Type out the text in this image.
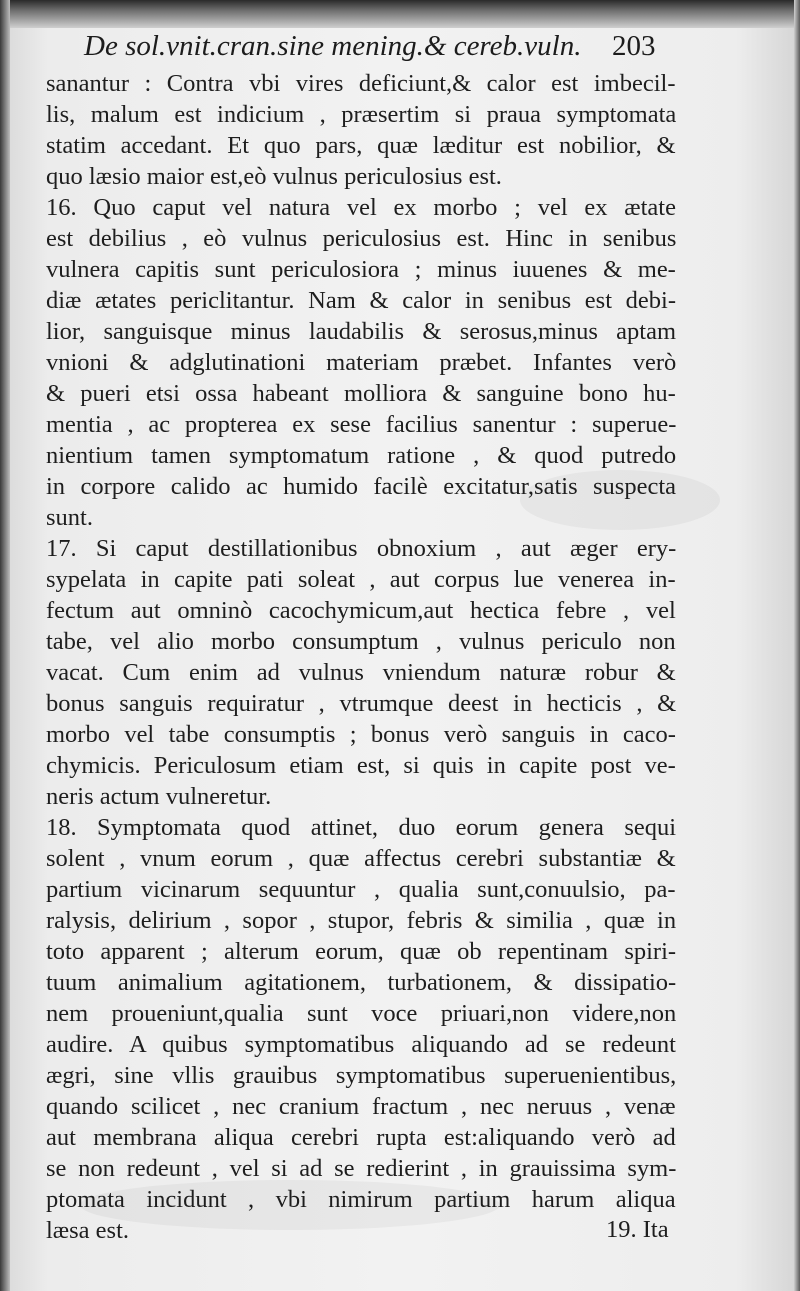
De sol.vnit.cran.sine mening.& cereb.vuln. 203
sanantur : Contra vbi vires deficiunt,& calor est imbecil-
lis, malum est indicium , præsertim si praua symptomata
statim accedant. Et quo pars, quæ læditur est nobilior, &
quo læsio maior est,eò vulnus periculosius est.
16. Quo caput vel natura vel ex morbo ; vel ex ætate
est debilius , eò vulnus periculosius est. Hinc in senibus
vulnera capitis sunt periculosiora ; minus iuuenes & me-
diæ ætates periclitantur. Nam & calor in senibus est debi-
lior, sanguisque minus laudabilis & serosus,minus aptam
vnioni & adglutinationi materiam præbet. Infantes verò
& pueri etsi ossa habeant molliora & sanguine bono hu-
mentia , ac propterea ex sese facilius sanentur : superue-
nientium tamen symptomatum ratione , & quod putredo
in corpore calido ac humido facilè excitatur,satis suspecta
sunt.
17. Si caput destillationibus obnoxium , aut æger ery-
sypelata in capite pati soleat , aut corpus lue venerea in-
fectum aut omninò cacochymicum,aut hectica febre , vel
tabe, vel alio morbo consumptum , vulnus periculo non
vacat. Cum enim ad vulnus vniendum naturæ robur &
bonus sanguis requiratur , vtrumque deest in hecticis , &
morbo vel tabe consumptis ; bonus verò sanguis in caco-
chymicis. Periculosum etiam est, si quis in capite post ve-
neris actum vulneretur.
18. Symptomata quod attinet, duo eorum genera sequi
solent , vnum eorum , quæ affectus cerebri substantiæ &
partium vicinarum sequuntur , qualia sunt,conuulsio, pa-
ralysis, delirium , sopor , stupor, febris & similia , quæ in
toto apparent ; alterum eorum, quæ ob repentinam spiri-
tuum animalium agitationem, turbationem, & dissipatio-
nem proueniunt,qualia sunt voce priuari,non videre,non
audire. A quibus symptomatibus aliquando ad se redeunt
ægri, sine vllis grauibus symptomatibus superuenientibus,
quando scilicet , nec cranium fractum , nec neruus , venæ
aut membrana aliqua cerebri rupta est:aliquando verò ad
se non redeunt , vel si ad se redierint , in grauissima sym-
ptomata incidunt , vbi nimirum partium harum aliqua
læsa est.	19. Ita
